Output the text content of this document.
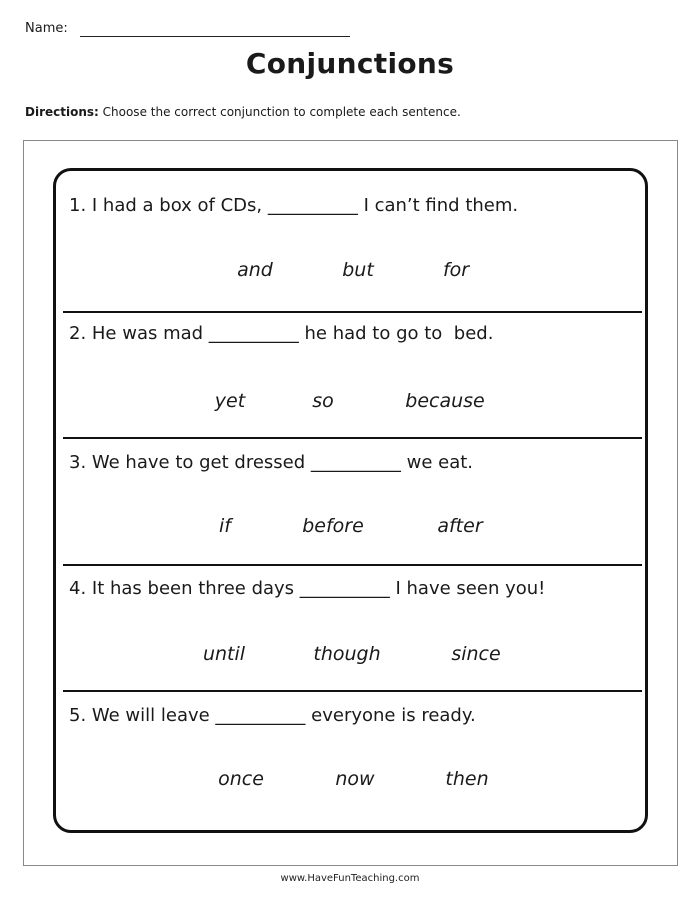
Name:
Conjunctions
Directions: Choose the correct conjunction to complete each sentence.
1. I had a box of CDs, __________ I can’t find them.
and	but	for
2. He was mad __________ he had to go to  bed.
yet	so	because
3. We have to get dressed __________ we eat.
if	before	after
4. It has been three days __________ I have seen you!
until	though	since
5. We will leave __________ everyone is ready.
once	now	then
www.HaveFunTeaching.com
